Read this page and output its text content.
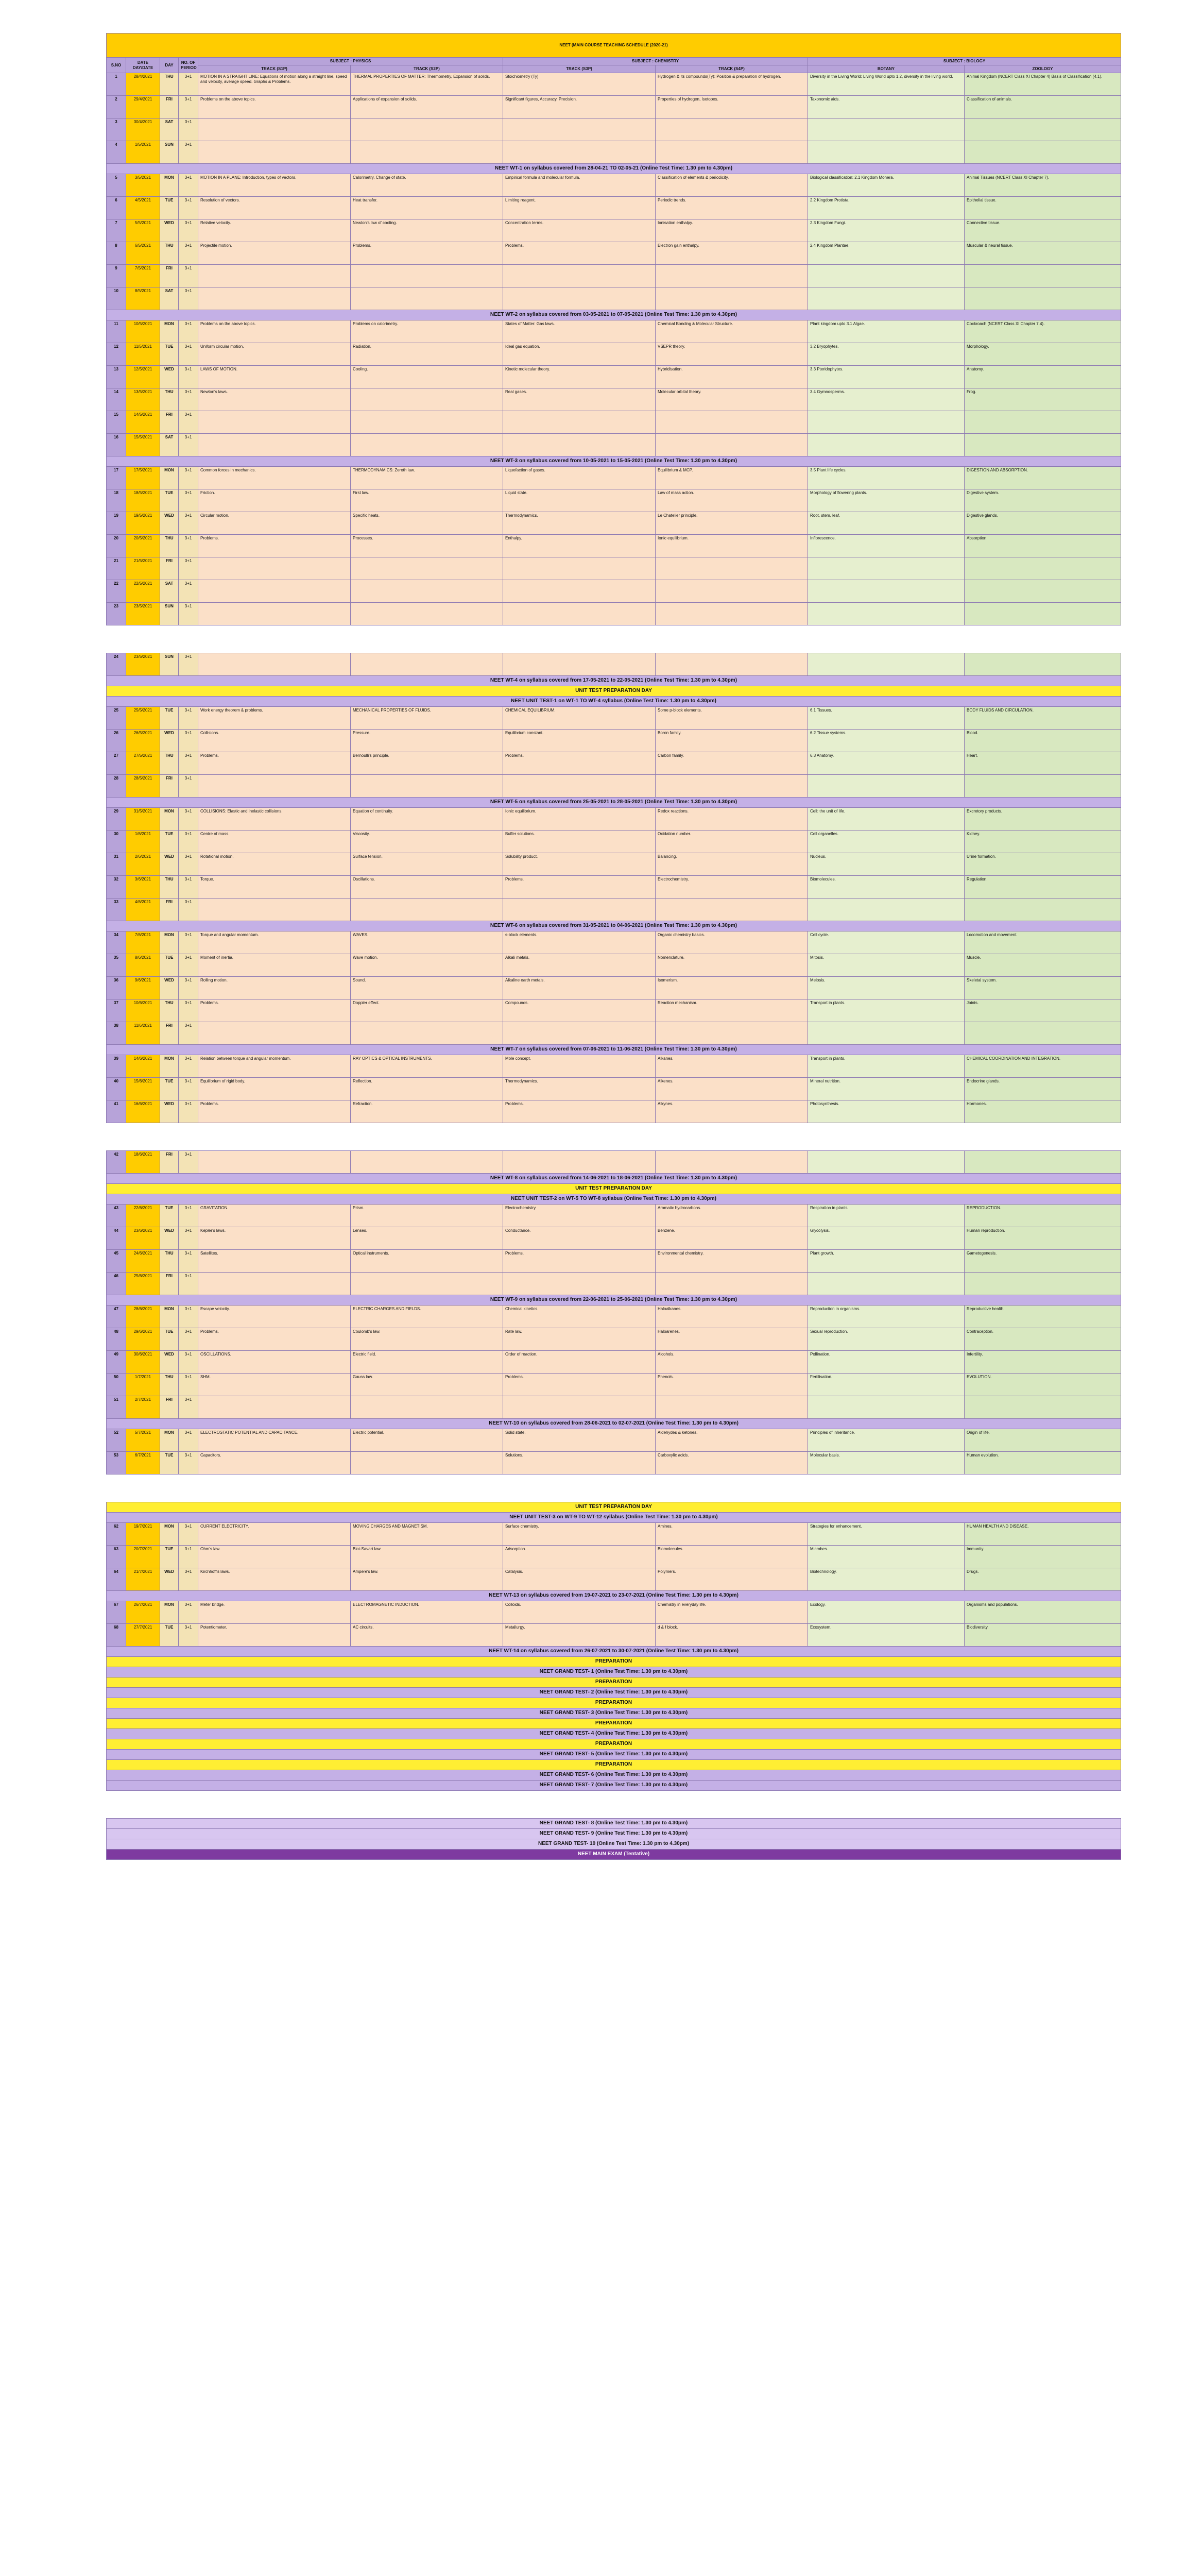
NEET (MAIN COURSE TEACHING SCHEDULE (2020-21)									
S.NO	DATE DAY/DATE	DAY	NO. OF PERIOD	SUBJECT : PHYSICS		SUBJECT : CHEMISTRY		SUBJECT : BIOLOGY	
				TRACK (S1P)	TRACK (S2P)	TRACK (S3P)	TRACK (S4P)	BOTANY	ZOOLOGY
1	28/4/2021	THU	3+1	MOTION IN A STRAIGHT LINE: Equations of motion along a straight line, speed and velocity, average speed. Graphs & Problems.	THERMAL PROPERTIES OF MATTER: Thermometry, Expansion of solids.	Stoichiometry (Ty)	Hydrogen & its compounds(Ty): Position & preparation of hydrogen.	Diversity in the Living World: Living World upto 1.2, diversity in the living world.	Animal Kingdom (NCERT Class XI Chapter 4) Basis of Classification (4.1).
2	29/4/2021	FRI	3+1	Problems on the above topics.	Applications of expansion of solids.	Significant figures, Accuracy, Precision.	Properties of hydrogen, Isotopes.	Taxonomic aids.	Classification of animals.
3	30/4/2021	SAT	3+1						
4	1/5/2021	SUN	3+1						
NEET WT-1 on syllabus covered from 28-04-21 TO 02-05-21 (Online Test Time: 1.30 pm to 4.30pm)									
5	3/5/2021	MON	3+1	MOTION IN A PLANE: Introduction, types of vectors.	Calorimetry, Change of state.	Empirical formula and molecular formula.	Classification of elements & periodicity.	Biological classification: 2.1 Kingdom Monera.	Animal Tissues (NCERT Class XI Chapter 7).
6	4/5/2021	TUE	3+1	Resolution of vectors.	Heat transfer.	Limiting reagent.	Periodic trends.	2.2 Kingdom Protista.	Epithelial tissue.
7	5/5/2021	WED	3+1	Relative velocity.	Newton's law of cooling.	Concentration terms.	Ionisation enthalpy.	2.3 Kingdom Fungi.	Connective tissue.
8	6/5/2021	THU	3+1	Projectile motion.	Problems.	Problems.	Electron gain enthalpy.	2.4 Kingdom Plantae.	Muscular & neural tissue.
9	7/5/2021	FRI	3+1						
10	8/5/2021	SAT	3+1						
NEET WT-2 on syllabus covered from 03-05-2021 to 07-05-2021 (Online Test Time: 1.30 pm to 4.30pm)									
11	10/5/2021	MON	3+1	Problems on the above topics.	Problems on calorimetry.	States of Matter: Gas laws.	Chemical Bonding & Molecular Structure.	Plant kingdom upto 3.1 Algae.	Cockroach (NCERT Class XI Chapter 7.4).
12	11/5/2021	TUE	3+1	Uniform circular motion.	Radiation.	Ideal gas equation.	VSEPR theory.	3.2 Bryophytes.	Morphology.
13	12/5/2021	WED	3+1	LAWS OF MOTION.	Cooling.	Kinetic molecular theory.	Hybridisation.	3.3 Pteridophytes.	Anatomy.
14	13/5/2021	THU	3+1	Newton's laws.		Real gases.	Molecular orbital theory.	3.4 Gymnosperms.	Frog.
15	14/5/2021	FRI	3+1						
16	15/5/2021	SAT	3+1						
NEET WT-3 on syllabus covered from 10-05-2021 to 15-05-2021 (Online Test Time: 1.30 pm to 4.30pm)									
17	17/5/2021	MON	3+1	Common forces in mechanics.	THERMODYNAMICS: Zeroth law.	Liquefaction of gases.	Equilibrium & MCP.	3.5 Plant life cycles.	DIGESTION AND ABSORPTION.
18	18/5/2021	TUE	3+1	Friction.	First law.	Liquid state.	Law of mass action.	Morphology of flowering plants.	Digestive system.
19	19/5/2021	WED	3+1	Circular motion.	Specific heats.	Thermodynamics.	Le Chatelier principle.	Root, stem, leaf.	Digestive glands.
20	20/5/2021	THU	3+1	Problems.	Processes.	Enthalpy.	Ionic equilibrium.	Inflorescence.	Absorption.
21	21/5/2021	FRI	3+1						
22	22/5/2021	SAT	3+1						
23	23/5/2021	SUN	3+1						

24	23/5/2021	SUN	3+1						
NEET WT-4 on syllabus covered from 17-05-2021 to 22-05-2021 (Online Test Time: 1.30 pm to 4.30pm)									
UNIT TEST PREPARATION DAY									
NEET UNIT TEST-1 on WT-1 TO WT-4 syllabus (Online Test Time: 1.30 pm to 4.30pm)									
25	25/5/2021	TUE	3+1	Work energy theorem & problems.	MECHANICAL PROPERTIES OF FLUIDS.	CHEMICAL EQUILIBRIUM.	Some p-block elements.	6.1 Tissues.	BODY FLUIDS AND CIRCULATION.
26	26/5/2021	WED	3+1	Collisions.	Pressure.	Equilibrium constant.	Boron family.	6.2 Tissue systems.	Blood.
27	27/5/2021	THU	3+1	Problems.	Bernoulli's principle.	Problems.	Carbon family.	6.3 Anatomy.	Heart.
28	28/5/2021	FRI	3+1						
NEET WT-5 on syllabus covered from 25-05-2021 to 28-05-2021 (Online Test Time: 1.30 pm to 4.30pm)									
29	31/5/2021	MON	3+1	COLLISIONS: Elastic and inelastic collisions.	Equation of continuity.	Ionic equilibrium.	Redox reactions.	Cell: the unit of life.	Excretory products.
30	1/6/2021	TUE	3+1	Centre of mass.	Viscosity.	Buffer solutions.	Oxidation number.	Cell organelles.	Kidney.
31	2/6/2021	WED	3+1	Rotational motion.	Surface tension.	Solubility product.	Balancing.	Nucleus.	Urine formation.
32	3/6/2021	THU	3+1	Torque.	Oscillations.	Problems.	Electrochemistry.	Biomolecules.	Regulation.
33	4/6/2021	FRI	3+1						
NEET WT-6 on syllabus covered from 31-05-2021 to 04-06-2021 (Online Test Time: 1.30 pm to 4.30pm)									
34	7/6/2021	MON	3+1	Torque and angular momentum.	WAVES.	s-block elements.	Organic chemistry basics.	Cell cycle.	Locomotion and movement.
35	8/6/2021	TUE	3+1	Moment of inertia.	Wave motion.	Alkali metals.	Nomenclature.	Mitosis.	Muscle.
36	9/6/2021	WED	3+1	Rolling motion.	Sound.	Alkaline earth metals.	Isomerism.	Meiosis.	Skeletal system.
37	10/6/2021	THU	3+1	Problems.	Doppler effect.	Compounds.	Reaction mechanism.	Transport in plants.	Joints.
38	11/6/2021	FRI	3+1						
NEET WT-7 on syllabus covered from 07-06-2021 to 11-06-2021 (Online Test Time: 1.30 pm to 4.30pm)									
39	14/6/2021	MON	3+1	Relation between torque and angular momentum.	RAY OPTICS & OPTICAL INSTRUMENTS.	Mole concept.	Alkanes.	Transport in plants.	CHEMICAL COORDINATION AND INTEGRATION.
40	15/6/2021	TUE	3+1	Equilibrium of rigid body.	Reflection.	Thermodynamics.	Alkenes.	Mineral nutrition.	Endocrine glands.
41	16/6/2021	WED	3+1	Problems.	Refraction.	Problems.	Alkynes.	Photosynthesis.	Hormones.

42	18/6/2021	FRI	3+1						
NEET WT-8 on syllabus covered from 14-06-2021 to 18-06-2021 (Online Test Time: 1.30 pm to 4.30pm)									
UNIT TEST PREPARATION DAY									
NEET UNIT TEST-2 on WT-5 TO WT-8 syllabus (Online Test Time: 1.30 pm to 4.30pm)									
43	22/6/2021	TUE	3+1	GRAVITATION.	Prism.	Electrochemistry.	Aromatic hydrocarbons.	Respiration in plants.	REPRODUCTION.
44	23/6/2021	WED	3+1	Kepler's laws.	Lenses.	Conductance.	Benzene.	Glycolysis.	Human reproduction.
45	24/6/2021	THU	3+1	Satellites.	Optical instruments.	Problems.	Environmental chemistry.	Plant growth.	Gametogenesis.
46	25/6/2021	FRI	3+1						
NEET WT-9 on syllabus covered from 22-06-2021 to 25-06-2021 (Online Test Time: 1.30 pm to 4.30pm)									
47	28/6/2021	MON	3+1	Escape velocity.	ELECTRIC CHARGES AND FIELDS.	Chemical kinetics.	Haloalkanes.	Reproduction in organisms.	Reproductive health.
48	29/6/2021	TUE	3+1	Problems.	Coulomb's law.	Rate law.	Haloarenes.	Sexual reproduction.	Contraception.
49	30/6/2021	WED	3+1	OSCILLATIONS.	Electric field.	Order of reaction.	Alcohols.	Pollination.	Infertility.
50	1/7/2021	THU	3+1	SHM.	Gauss law.	Problems.	Phenols.	Fertilisation.	EVOLUTION.
51	2/7/2021	FRI	3+1						
NEET WT-10 on syllabus covered from 28-06-2021 to 02-07-2021 (Online Test Time: 1.30 pm to 4.30pm)									
52	5/7/2021	MON	3+1	ELECTROSTATIC POTENTIAL AND CAPACITANCE.	Electric potential.	Solid state.	Aldehydes & ketones.	Principles of inheritance.	Origin of life.
53	6/7/2021	TUE	3+1	Capacitors.		Solutions.	Carboxylic acids.	Molecular basis.	Human evolution.

UNIT TEST PREPARATION DAY									
NEET UNIT TEST-3 on WT-9 TO WT-12 syllabus (Online Test Time: 1.30 pm to 4.30pm)									
62	19/7/2021	MON	3+1	CURRENT ELECTRICITY.	MOVING CHARGES AND MAGNETISM.	Surface chemistry.	Amines.	Strategies for enhancement.	HUMAN HEALTH AND DISEASE.
63	20/7/2021	TUE	3+1	Ohm's law.	Biot-Savart law.	Adsorption.	Biomolecules.	Microbes.	Immunity.
64	21/7/2021	WED	3+1	Kirchhoff's laws.	Ampere's law.	Catalysis.	Polymers.	Biotechnology.	Drugs.
NEET WT-13 on syllabus covered from 19-07-2021 to 23-07-2021 (Online Test Time: 1.30 pm to 4.30pm)									
67	26/7/2021	MON	3+1	Meter bridge.	ELECTROMAGNETIC INDUCTION.	Colloids.	Chemistry in everyday life.	Ecology.	Organisms and populations.
68	27/7/2021	TUE	3+1	Potentiometer.	AC circuits.	Metallurgy.	d & f block.	Ecosystem.	Biodiversity.
NEET WT-14 on syllabus covered from 26-07-2021 to 30-07-2021 (Online Test Time: 1.30 pm to 4.30pm)									
PREPARATION									
NEET GRAND TEST- 1 (Online Test Time: 1.30 pm to 4.30pm)									
PREPARATION									
NEET GRAND TEST- 2 (Online Test Time: 1.30 pm to 4.30pm)									
PREPARATION									
NEET GRAND TEST- 3 (Online Test Time: 1.30 pm to 4.30pm)									
PREPARATION									
NEET GRAND TEST- 4 (Online Test Time: 1.30 pm to 4.30pm)									
PREPARATION									
NEET GRAND TEST- 5 (Online Test Time: 1.30 pm to 4.30pm)									
PREPARATION									
NEET GRAND TEST- 6 (Online Test Time: 1.30 pm to 4.30pm)									
NEET GRAND TEST- 7 (Online Test Time: 1.30 pm to 4.30pm)									

NEET GRAND TEST- 8 (Online Test Time: 1.30 pm to 4.30pm)									
NEET GRAND TEST- 9 (Online Test Time: 1.30 pm to 4.30pm)									
NEET GRAND TEST- 10 (Online Test Time: 1.30 pm to 4.30pm)									
NEET MAIN EXAM (Tentative)									
